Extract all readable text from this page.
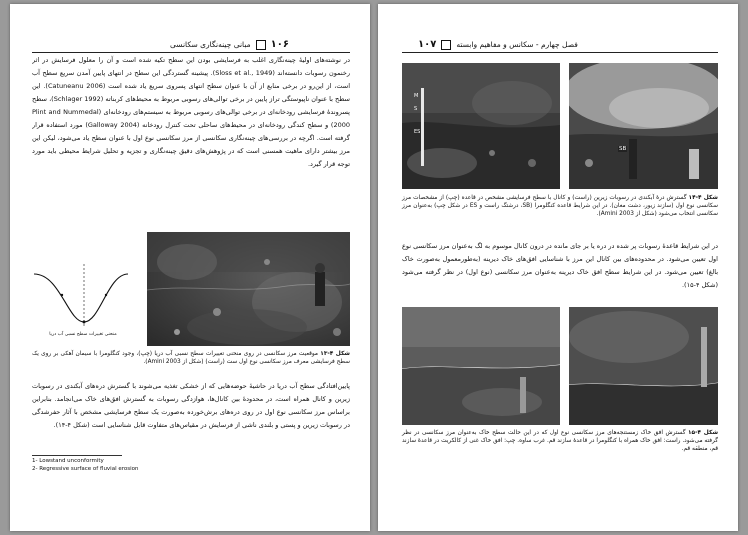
۱۰۶
مبانی چینه‌نگاری سکانسی

در نوشته‌های اولیهٔ چینه‌نگاری اغلب به فرسایشی بودن این سطح تکیه شده است و آن را معلول فرسایش در اثر رخنمون رسوبات دانسته‌اند (Sloss et al., 1949). پیشینه گستردگی این سطح در انتهای پایین آمدن سریع سطح آب است، از این‌رو در برخی منابع از آن با عنوان سطح انتهای پسروی سریع یاد شده است (Catuneanu 2006). این سطح با عنوان ناپیوستگی تراز پایین در برخی توالی‌های رسوبی مربوط به محیط‌های کربناته (Schlager 1992)، سطح پسروندهٔ فرسایشی رودخانه‌ای در برخی توالی‌های رسوبی مربوط به سیستم‌های رودخانه‌ای (Plint and Nummedal 2000) و سطح کندگی رودخانه‌ای در محیط‌های ساحلی تحت کنترل رودخانه (Galloway 2004) مورد استفاده قرار گرفته است. اگرچه در بررسی‌های چینه‌نگاری سکانسی از مرز سکانسی نوع اول با عنوان سطح یاد می‌شود، لیکن این مرز بیشتر دارای ماهیت همسنی است که در پژوهش‌های دقیق چینه‌نگاری و تجزیه و تحلیل شرایط محیطی باید مورد توجه قرار گیرد.

منحنی تغییرات سطح نسبی آب دریا

شکل ۴-۱۳ موقعیت مرز سکانسی در روی منحنی تغییرات سطح نسبی آب دریا (چپ)، وجود کنگلومرا با سیمان آهکی بر روی یک سطح فرسایشی معرف مرز سکانسی نوع اول ست (راست) (شکل از Amini 2003).

پایین‌افتادگی سطح آب دریا در حاشیهٔ حوضه‌هایی که از خشکی تغذیه می‌شوند با گسترش دره‌های آبکندی در رسوبات زیرین و کانال همراه است، در محدودهٔ بین کانال‌ها، هوازدگی رسوبات به گسترش افق‌های خاک می‌انجامد. بنابراین براساس مرز سکانسی نوع اول در روی دره‌های برش‌خورده به‌صورت یک سطح فرسایشی مشخص با آثار حفرشدگی در رسوبات زیرین و پستی و بلندی ناشی از فرسایش در مقیاس‌های متفاوت قابل شناسایی است (شکل ۴-۱۴).

1- Lowstand unconformity
2- Regressive surface of fluvial erosion
فصل چهارم - سکانس و مفاهیم وابسته
۱۰۷
M
S
ES
SB

شکل ۴-۱۴ گسترش درهٔ آبکندی در رسوبات زیرین (راست) و کانال با سطح فرسایشی مشخص در قاعده (چپ) از مشخصات مرز سکانسی نوع اول (سازند زیور، دشت مغان). در این شرایط قاعده کنگلومرا (SB، درشتگ راست و ES در شکل چپ) به‌عنوان مرز سکانسی انتخاب می‌شود (شکل از Amini 2003).

در این شرایط قاعدهٔ رسوبات پر شده در دره یا بر جای مانده در درون کانال موسوم به لگ به‌عنوان مرز سکانسی نوع اول تعیین می‌شود. در محدوده‌های بین کانال این مرز با شناسایی افق‌های خاک دیرینه (به‌طورمعمول به‌صورت خاک بالغ) تعیین می‌شود. در این شرایط سطح افق خاک دیرینه به‌عنوان مرز سکانسی (نوع اول) در نظر گرفته می‌شود (شکل ۴-۱۵).

شکل ۴-۱۵ گسترش افق خاک زمستنجه‌های مرز سکانسی نوع اول که در این حالت سطح خاک به‌عنوان مرز سکانسی در نظر گرفته می‌شود. راست: افق خاک همراه با کنگلومرا در قاعدهٔ سازند قم. غرب ساوه. چپ: افق خاک غنی از کالکریت در قاعدهٔ سازند قم، منطقه قم.
